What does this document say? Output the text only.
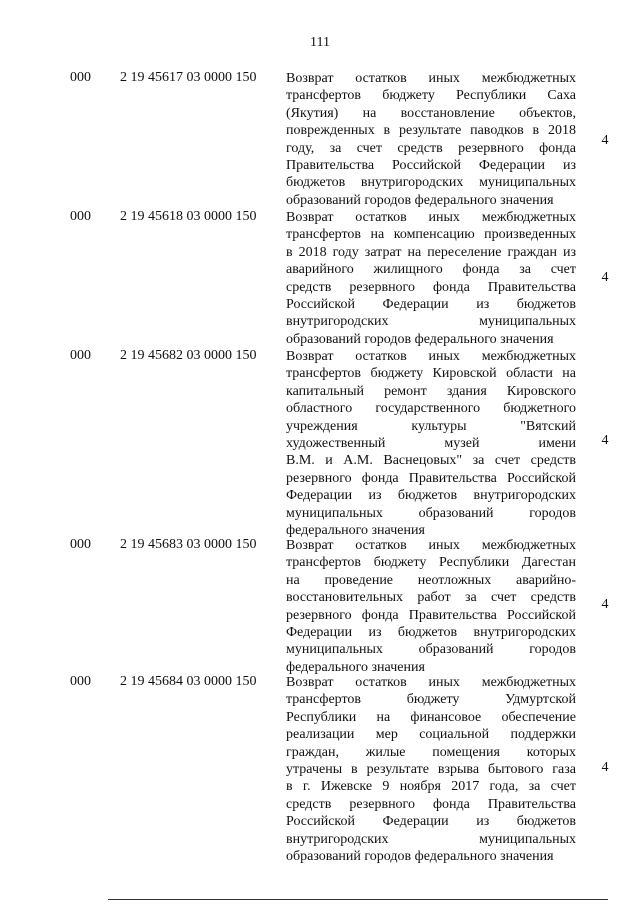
111
000	2 19 45617 03 0000 150 Возврат остатков иных межбюджетных
трансфертов бюджету Республики Саха
(Якутия) на восстановление объектов,
поврежденных в результате паводков в 2018
году, за счет средств резервного фонда
Правительства Российской Федерации из
бюджетов внутригородских муниципальных
образований городов федерального значения
4
000	2 19 45618 03 0000 150 Возврат остатков иных межбюджетных
трансфертов на компенсацию произведенных
в 2018 году затрат на переселение граждан из
аварийного жилищного фонда за счет
средств резервного фонда Правительства
Российской Федерации из бюджетов
внутригородских муниципальных
образований городов федерального значения
4
000	2 19 45682 03 0000 150 Возврат остатков иных межбюджетных
трансфертов бюджету Кировской области на
капитальный ремонт здания Кировского
областного государственного бюджетного
учреждения культуры "Вятский
художественный музей имени
В.М. и А.М. Васнецовых" за счет средств
резервного фонда Правительства Российской
Федерации из бюджетов внутригородских
муниципальных образований городов
федерального значения
4
000	2 19 45683 03 0000 150 Возврат остатков иных межбюджетных
трансфертов бюджету Республики Дагестан
на проведение неотложных аварийно-
восстановительных работ за счет средств
резервного фонда Правительства Российской
Федерации из бюджетов внутригородских
муниципальных образований городов
федерального значения
4
000	2 19 45684 03 0000 150 Возврат остатков иных межбюджетных
трансфертов бюджету Удмуртской
Республики на финансовое обеспечение
реализации мер социальной поддержки
граждан, жилые помещения которых
утрачены в результате взрыва бытового газа
в г. Ижевске 9 ноября 2017 года, за счет
средств резервного фонда Правительства
Российской Федерации из бюджетов
внутригородских муниципальных
образований городов федерального значения
4
